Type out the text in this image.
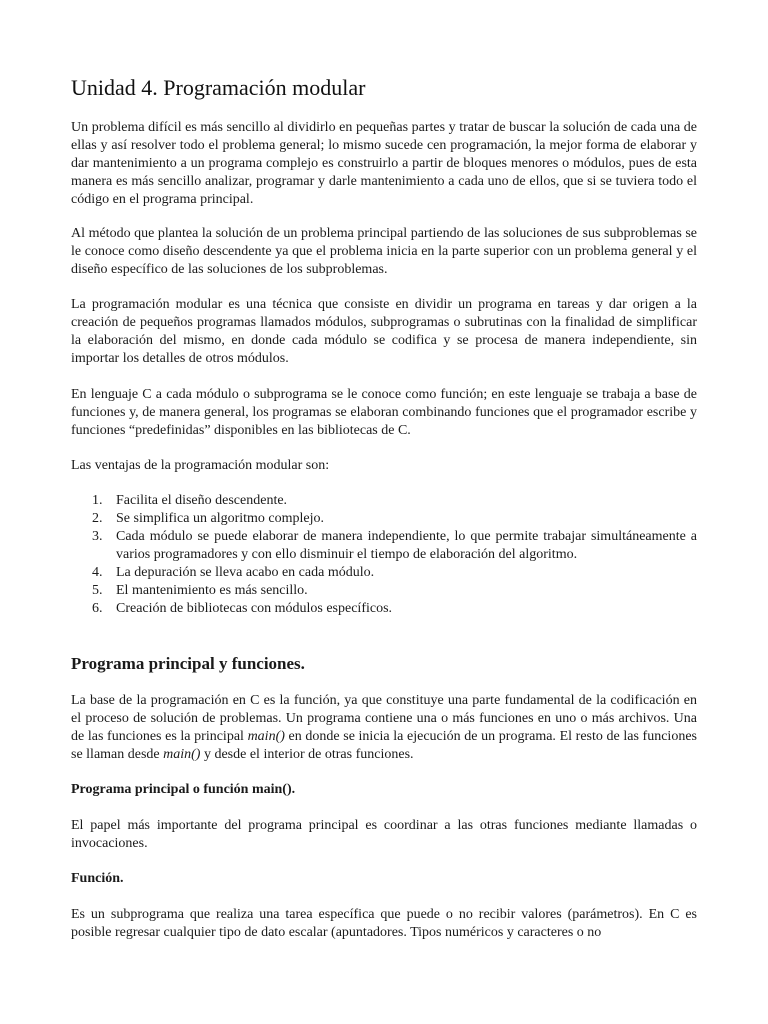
Unidad 4. Programación modular

Un problema difícil es más sencillo al dividirlo en pequeñas partes y tratar de buscar la solución de cada una de ellas y así resolver todo el problema general; lo mismo sucede cen programación, la mejor forma de elaborar y dar mantenimiento a un programa complejo es construirlo a partir de bloques menores o módulos, pues de esta manera es más sencillo analizar, programar y darle mantenimiento a cada uno de ellos, que si se tuviera todo el código en el programa principal.

Al método que plantea la solución de un problema principal partiendo de las soluciones de sus subproblemas se le conoce como diseño descendente ya que el problema inicia en la parte superior con un problema general y el diseño específico de las soluciones de los subproblemas.

La programación modular es una técnica que consiste en dividir un programa en tareas y dar origen a la creación de pequeños programas llamados módulos, subprogramas o subrutinas con la finalidad de simplificar la elaboración del mismo, en donde cada módulo se codifica y se procesa de manera independiente, sin importar los detalles de otros módulos.

En lenguaje C a cada módulo o subprograma se le conoce como función; en este lenguaje se trabaja a base de funciones y, de manera general, los programas se elaboran combinando funciones que el programador escribe y funciones “predefinidas” disponibles en las bibliotecas de C.

Las ventajas de la programación modular son:

1. Facilita el diseño descendente.
2. Se simplifica un algoritmo complejo.
3. Cada módulo se puede elaborar de manera independiente, lo que permite trabajar simultáneamente a varios programadores y con ello disminuir el tiempo de elaboración del algoritmo.
4. La depuración se lleva acabo en cada módulo.
5. El mantenimiento es más sencillo.
6. Creación de bibliotecas con módulos específicos.
Programa principal y funciones.

La base de la programación en C es la función, ya que constituye una parte fundamental de la codificación en el proceso de solución de problemas. Un programa contiene una o más funciones en uno o más archivos. Una de las funciones es la principal main() en donde se inicia la ejecución de un programa. El resto de las funciones se llaman desde main() y desde el interior de otras funciones.

Programa principal o función main().

El papel más importante del programa principal es coordinar a las otras funciones mediante llamadas o invocaciones.

Función.

Es un subprograma que realiza una tarea específica que puede o no recibir valores (parámetros). En C es posible regresar cualquier tipo de dato escalar (apuntadores. Tipos numéricos y caracteres o no
